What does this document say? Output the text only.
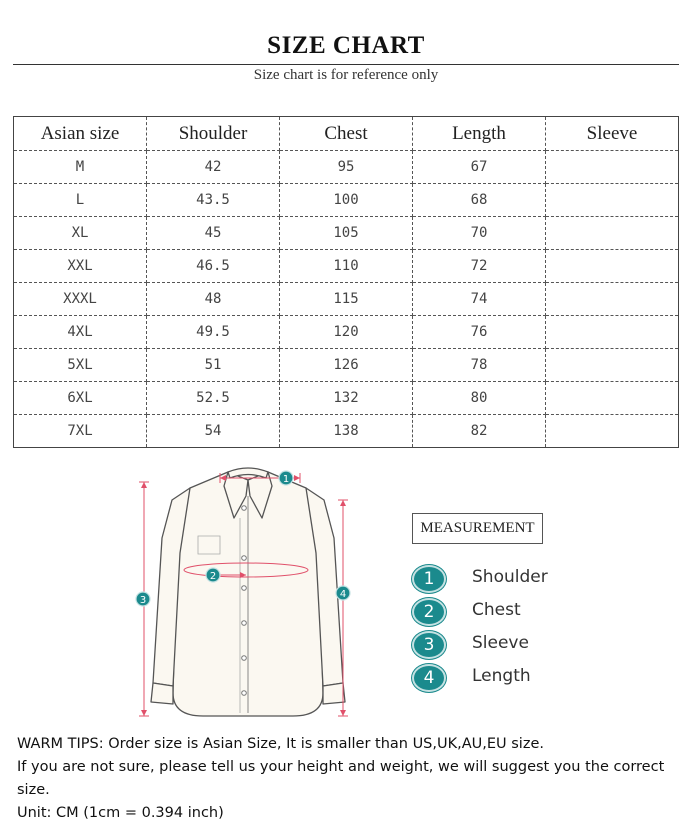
SIZE CHART
Size chart is for reference only
Asian size	Shoulder	Chest	Length	Sleeve
M	42	95	67	
L	43.5	100	68	
XL	45	105	70	
XXL	46.5	110	72	
XXXL	48	115	74	
4XL	49.5	120	76	
5XL	51	126	78	
6XL	52.5	132	80	
7XL	54	138	82	
1
2
3
4
MEASUREMENT
1	Shoulder
2	Chest
3	Sleeve
4	Length

WARM TIPS: Order size is Asian Size, It is smaller than US,UK,AU,EU size.

If you are not sure, please tell us your height and weight, we will suggest you the correct size.

Unit: CM (1cm = 0.394 inch)
